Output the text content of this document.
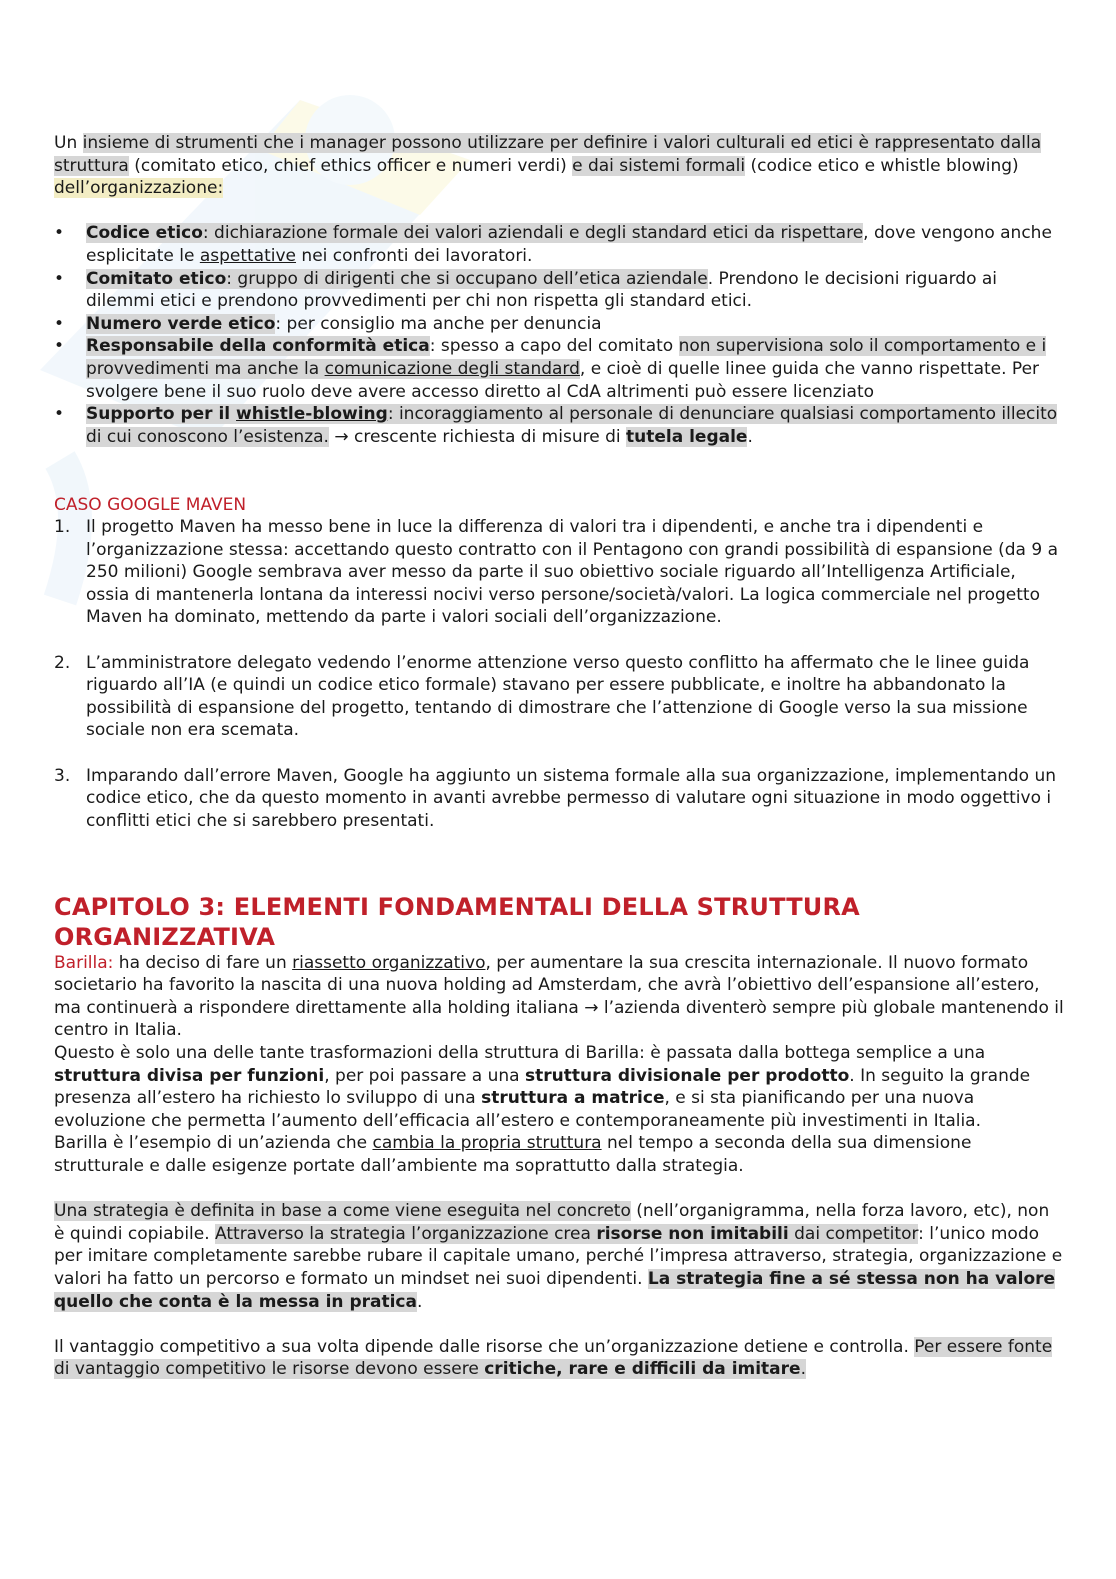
Un insieme di strumenti che i manager possono utilizzare per definire i valori culturali ed etici è rappresentato dalla struttura (comitato etico, chief ethics officer e numeri verdi) e dai sistemi formali (codice etico e whistle blowing) dell’organizzazione:

• Codice etico: dichiarazione formale dei valori aziendali e degli standard etici da rispettare, dove vengono anche esplicitate le aspettative nei confronti dei lavoratori.
• Comitato etico: gruppo di dirigenti che si occupano dell’etica aziendale. Prendono le decisioni riguardo ai dilemmi etici e prendono provvedimenti per chi non rispetta gli standard etici.
• Numero verde etico: per consiglio ma anche per denuncia
• Responsabile della conformità etica: spesso a capo del comitato non supervisiona solo il comportamento e i provvedimenti ma anche la comunicazione degli standard, e cioè di quelle linee guida che vanno rispettate. Per svolgere bene il suo ruolo deve avere accesso diretto al CdA altrimenti può essere licenziato
• Supporto per il whistle-blowing: incoraggiamento al personale di denunciare qualsiasi comportamento illecito di cui conoscono l’esistenza. → crescente richiesta di misure di tutela legale.

CASO GOOGLE MAVEN

1. Il progetto Maven ha messo bene in luce la differenza di valori tra i dipendenti, e anche tra i dipendenti e l’organizzazione stessa: accettando questo contratto con il Pentagono con grandi possibilità di espansione (da 9 a 250 milioni) Google sembrava aver messo da parte il suo obiettivo sociale riguardo all’Intelligenza Artificiale, ossia di mantenerla lontana da interessi nocivi verso persone/società/valori. La logica commerciale nel progetto Maven ha dominato, mettendo da parte i valori sociali dell’organizzazione.
2. L’amministratore delegato vedendo l’enorme attenzione verso questo conflitto ha affermato che le linee guida riguardo all’IA (e quindi un codice etico formale) stavano per essere pubblicate, e inoltre ha abbandonato la possibilità di espansione del progetto, tentando di dimostrare che l’attenzione di Google verso la sua missione sociale non era scemata.
3. Imparando dall’errore Maven, Google ha aggiunto un sistema formale alla sua organizzazione, implementando un codice etico, che da questo momento in avanti avrebbe permesso di valutare ogni situazione in modo oggettivo i conflitti etici che si sarebbero presentati.
CAPITOLO 3: ELEMENTI FONDAMENTALI DELLA STRUTTURA ORGANIZZATIVA

Barilla: ha deciso di fare un riassetto organizzativo, per aumentare la sua crescita internazionale. Il nuovo formato societario ha favorito la nascita di una nuova holding ad Amsterdam, che avrà l’obiettivo dell’espansione all’estero, ma continuerà a rispondere direttamente alla holding italiana → l’azienda diventerò sempre più globale mantenendo il centro in Italia.

Questo è solo una delle tante trasformazioni della struttura di Barilla: è passata dalla bottega semplice a una struttura divisa per funzioni, per poi passare a una struttura divisionale per prodotto. In seguito la grande presenza all’estero ha richiesto lo sviluppo di una struttura a matrice, e si sta pianificando per una nuova evoluzione che permetta l’aumento dell’efficacia all’estero e contemporaneamente più investimenti in Italia.

Barilla è l’esempio di un’azienda che cambia la propria struttura nel tempo a seconda della sua dimensione strutturale e dalle esigenze portate dall’ambiente ma soprattutto dalla strategia.

Una strategia è definita in base a come viene eseguita nel concreto (nell’organigramma, nella forza lavoro, etc), non è quindi copiabile. Attraverso la strategia l’organizzazione crea risorse non imitabili dai competitor: l’unico modo per imitare completamente sarebbe rubare il capitale umano, perché l’impresa attraverso, strategia, organizzazione e valori ha fatto un percorso e formato un mindset nei suoi dipendenti. La strategia fine a sé stessa non ha valore quello che conta è la messa in pratica.

Il vantaggio competitivo a sua volta dipende dalle risorse che un’organizzazione detiene e controlla. Per essere fonte di vantaggio competitivo le risorse devono essere critiche, rare e difficili da imitare.
